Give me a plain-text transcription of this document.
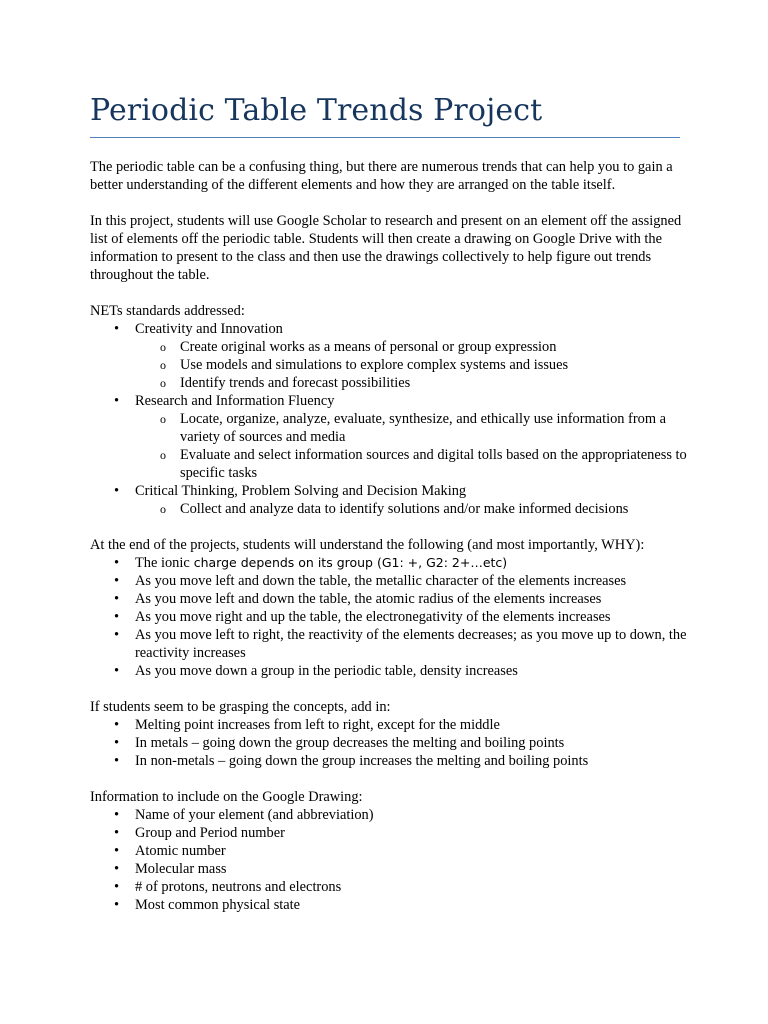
Periodic Table Trends Project

The periodic table can be a confusing thing, but there are numerous trends that can help you to gain a better understanding of the different elements and how they are arranged on the table itself.

In this project, students will use Google Scholar to research and present on an element off the assigned list of elements off the periodic table. Students will then create a drawing on Google Drive with the information to present to the class and then use the drawings collectively to help figure out trends throughout the table.

NETs standards addressed:

• Creativity and Innovation
o Create original works as a means of personal or group expression
o Use models and simulations to explore complex systems and issues
o Identify trends and forecast possibilities
• Research and Information Fluency
o Locate, organize, analyze, evaluate, synthesize, and ethically use information from a variety of sources and media
o Evaluate and select information sources and digital tolls based on the appropriateness to specific tasks
• Critical Thinking, Problem Solving and Decision Making
o Collect and analyze data to identify solutions and/or make informed decisions

At the end of the projects, students will understand the following (and most importantly, WHY):

• The ionic charge depends on its group (G1: +, G2: 2+…etc)
• As you move left and down the table, the metallic character of the elements increases
• As you move left and down the table, the atomic radius of the elements increases
• As you move right and up the table, the electronegativity of the elements increases
• As you move left to right, the reactivity of the elements decreases; as you move up to down, the reactivity increases
• As you move down a group in the periodic table, density increases

If students seem to be grasping the concepts, add in:

• Melting point increases from left to right, except for the middle
• In metals – going down the group decreases the melting and boiling points
• In non-metals – going down the group increases the melting and boiling points

Information to include on the Google Drawing:

• Name of your element (and abbreviation)
• Group and Period number
• Atomic number
• Molecular mass
• # of protons, neutrons and electrons
• Most common physical state
